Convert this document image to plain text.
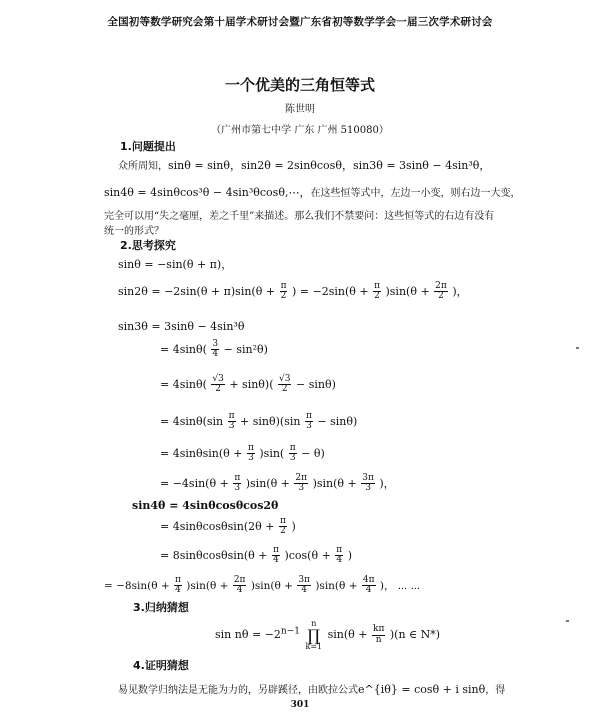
全国初等数学研究会第十届学术研讨会暨广东省初等数学学会一届三次学术研讨会
一个优美的三角恒等式
陈世明
（广州市第七中学 广东 广州 510080）
1.问题提出
众所周知，sinθ = sinθ，sin2θ = 2sinθcosθ，sin3θ = 3sinθ − 4sin³θ，
sin4θ = 4sinθcos³θ − 4sin³θcosθ,⋯，在这些恒等式中，左边一小变，则右边一大变，
完全可以用“失之毫厘，差之千里”来描述。那么我们不禁要问：这些恒等式的右边有没有
统一的形式？
2.思考探究
sinθ = −sin(θ + π)，
$\sin 2\theta = -2\sin(\theta + \pi)\sin(\theta + \frac{\pi}{2}$ ) = $-2\sin(\theta + \frac{\pi}{2} )\sin(\theta + \frac{2\pi}{2}$ )，
sin3θ = 3sinθ − 4sin³θ
= $4\sin\theta( \frac{3}{4} - \sin^2\theta)$
= $4\sin\theta( \frac{√3}{2} + \sin\theta)( \frac{√3}{2} - \sin\theta)$
= $4\sin\theta(\sin \frac{\pi}{3} + \sin\theta)(\sin \frac{\pi}{3} - \sin\theta)$
= $4\sin\theta\sin(\theta + \frac{\pi}{3} )\sin( \frac{\pi}{3} - \theta)$
= $-4\sin(\theta + \frac{\pi}{3} )\sin(\theta + \frac{2\pi}{3} )\sin(\theta + \frac{3\pi}{3}$ )，
sin4θ = 4sinθcosθcos2θ
= $4\sin\theta\cos\theta\sin(2\theta + \frac{\pi}{2}$ )
= $8\sin\theta\cos\theta\sin(\theta + \frac{\pi}{4} )\cos(\theta + \frac{\pi}{4}$ )
= $-8\sin(\theta + \frac{\pi}{4} )\sin(\theta + \frac{2\pi}{4} )\sin(\theta + \frac{3\pi}{4} )\sin(\theta + \frac{4\pi}{4}$ )， ⋯ ⋯
3.归纳猜想
$\sin n\theta = -2^{n-1}$
n
∏
k=1
$\sin(\theta + \frac{k\pi}{n} )(n$ ∈ N*)
4.证明猜想
易见数学归纳法是无能为力的，另辟蹊径，由欧拉公式e^{iθ} = cosθ + i sinθ，得
301
